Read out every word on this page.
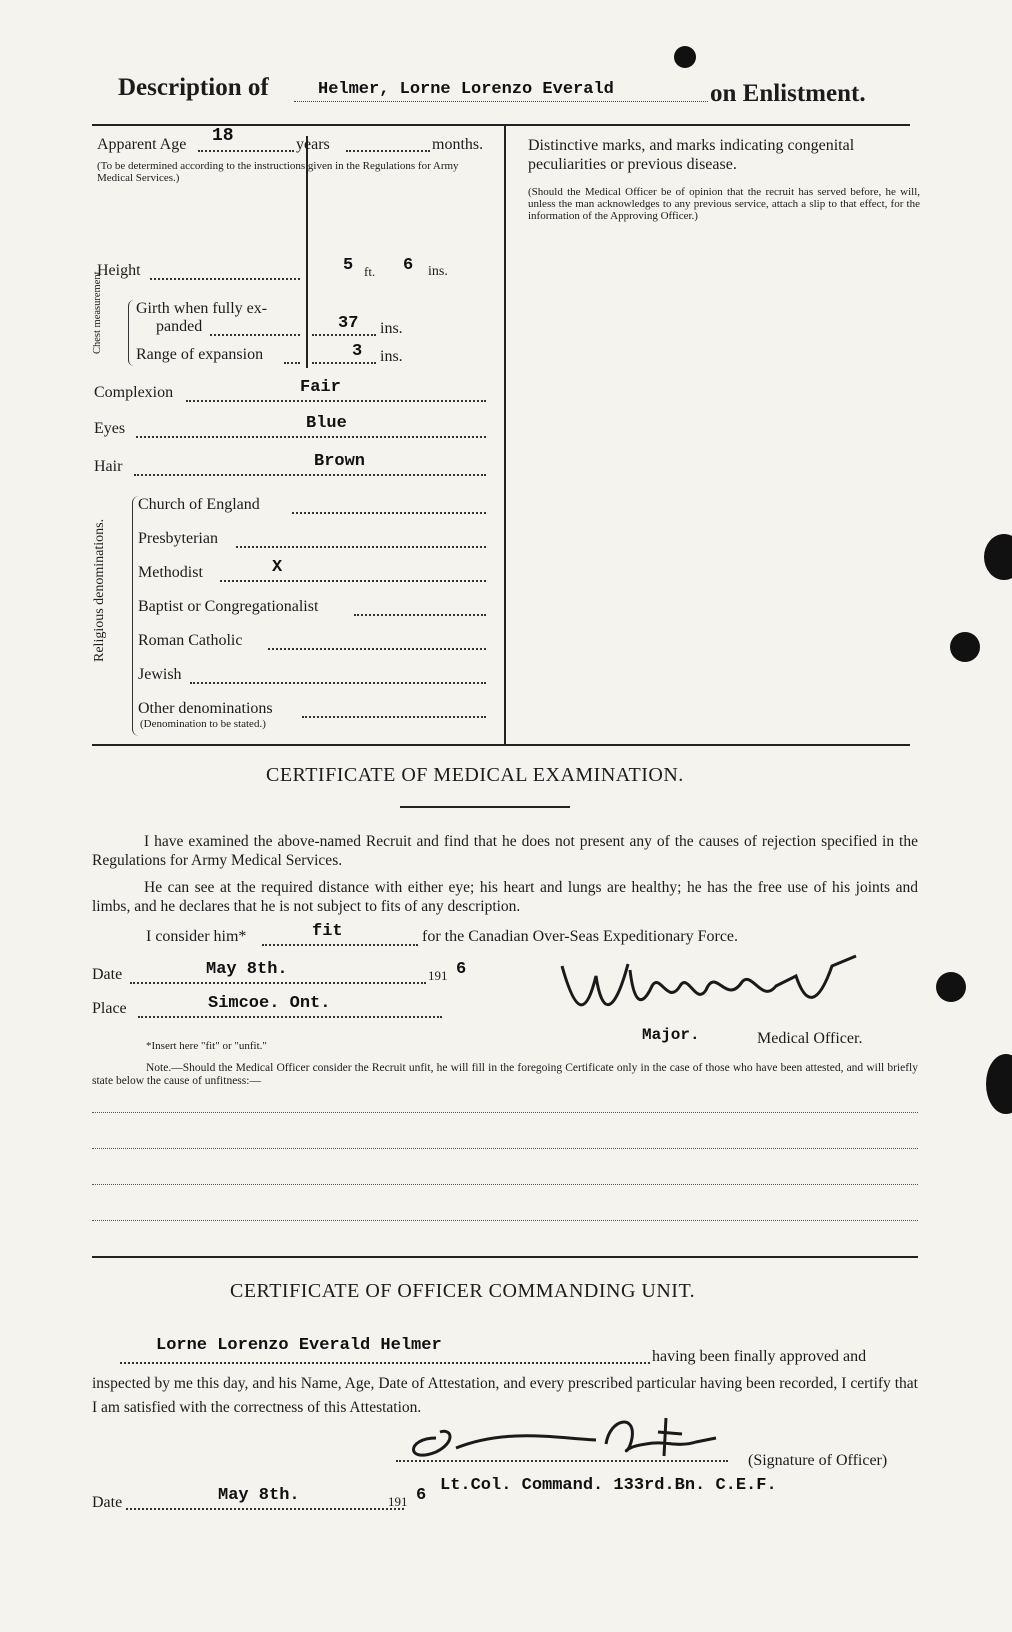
Description of	Helmer, Lorne Lorenzo Everald	on Enlistment.
Apparent Age 18	years	months.
(To be determined according to the instructions given in the Regulations for Army Medical Services.)
Height	5 ft. 6 ins.
Chest measurement. Girth when fully ex-
panded	37 ins.
Range of expansion	3 ins.
Complexion	Fair
Eyes	Blue
Hair	Brown
Religious denominations.
Church of England
Presbyterian
Methodist	X
Baptist or Congregationalist
Roman Catholic
Jewish
Other denominations
(Denomination to be stated.)
Distinctive marks, and marks indicating congenital peculiarities or previous disease.
(Should the Medical Officer be of opinion that the recruit has served before, he will, unless the man acknowledges to any previous service, attach a slip to that effect, for the information of the Approving Officer.)
CERTIFICATE OF MEDICAL EXAMINATION.
I have examined the above-named Recruit and find that he does not present any of the causes of rejection specified in the Regulations for Army Medical Services.
He can see at the required distance with either eye; his heart and lungs are healthy; he has the free use of his joints and limbs, and he declares that he is not subject to fits of any description.
I consider him*	fit	for the Canadian Over-Seas Expeditionary Force.
Date	May 8th.	191 6
Place	Simcoe. Ont.
*Insert here "fit" or "unfit."
Major.	Medical Officer.
Note.—Should the Medical Officer consider the Recruit unfit, he will fill in the foregoing Certificate only in the case of those who have been attested, and will briefly state below the cause of unfitness:—
CERTIFICATE OF OFFICER COMMANDING UNIT.
Lorne Lorenzo Everald Helmer
having been finally approved and
inspected by me this day, and his Name, Age, Date of Attestation, and every prescribed particular having been recorded, I certify that I am satisfied with the correctness of this Attestation.
(Signature of Officer)
Date	May 8th.	191 6
Lt.Col. Command. 133rd.Bn. C.E.F.
